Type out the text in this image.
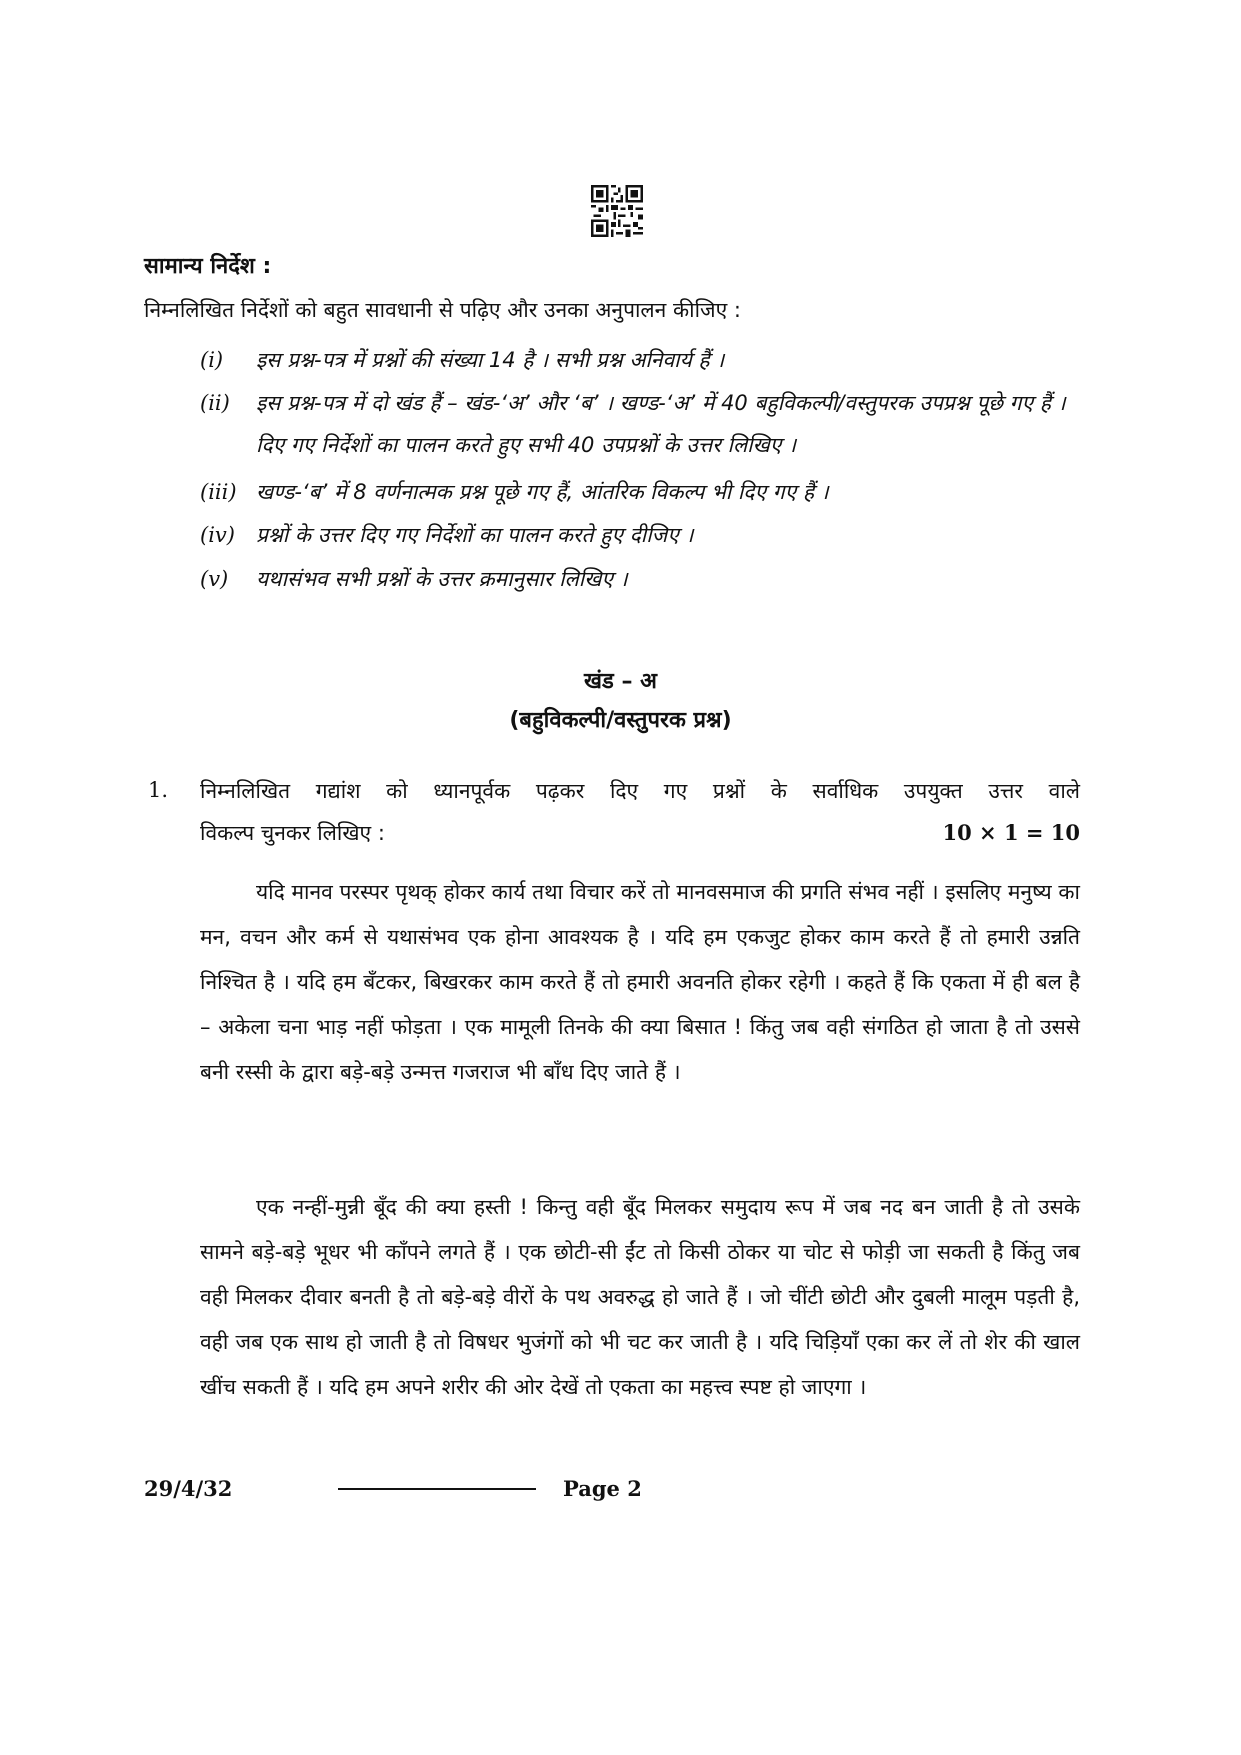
सामान्य निर्देश :
निम्नलिखित निर्देशों को बहुत सावधानी से पढ़िए और उनका अनुपालन कीजिए :
(i)	इस प्रश्न-पत्र में प्रश्नों की संख्या 14 है । सभी प्रश्न अनिवार्य हैं ।
(ii)	इस प्रश्न-पत्र में दो खंड हैं – खंड-‘अ’ और ‘ब’ । खण्ड-‘अ’ में 40 बहुविकल्पी/वस्तुपरक उपप्रश्न पूछे गए हैं । दिए गए निर्देशों का पालन करते हुए सभी 40 उपप्रश्नों के उत्तर लिखिए ।
(iii) खण्ड-‘ब’ में 8 वर्णनात्मक प्रश्न पूछे गए हैं, आंतरिक विकल्प भी दिए गए हैं ।
(iv)	प्रश्नों के उत्तर दिए गए निर्देशों का पालन करते हुए दीजिए ।
(v)	यथासंभव सभी प्रश्नों के उत्तर क्रमानुसार लिखिए ।
खंड – अ
(बहुविकल्पी/वस्तुपरक प्रश्न)
1. निम्नलिखित गद्यांश को ध्यानपूर्वक पढ़कर दिए गए प्रश्नों के सर्वाधिक उपयुक्त उत्तर वाले
विकल्प चुनकर लिखिए :	10 × 1 = 10

यदि मानव परस्पर पृथक् होकर कार्य तथा विचार करें तो मानवसमाज की प्रगति संभव नहीं । इसलिए मनुष्य का मन, वचन और कर्म से यथासंभव एक होना आवश्यक है । यदि हम एकजुट होकर काम करते हैं तो हमारी उन्नति निश्चित है । यदि हम बँटकर, बिखरकर काम करते हैं तो हमारी अवनति होकर रहेगी । कहते हैं कि एकता में ही बल है – अकेला चना भाड़ नहीं फोड़ता । एक मामूली तिनके की क्या बिसात ! किंतु जब वही संगठित हो जाता है तो उससे बनी रस्सी के द्वारा बड़े-बड़े उन्मत्त गजराज भी बाँध दिए जाते हैं ।

एक नन्हीं-मुन्नी बूँद की क्या हस्ती ! किन्तु वही बूँद मिलकर समुदाय रूप में जब नद बन जाती है तो उसके सामने बड़े-बड़े भूधर भी काँपने लगते हैं । एक छोटी-सी ईंट तो किसी ठोकर या चोट से फोड़ी जा सकती है किंतु जब वही मिलकर दीवार बनती है तो बड़े-बड़े वीरों के पथ अवरुद्ध हो जाते हैं । जो चींटी छोटी और दुबली मालूम पड़ती है, वही जब एक साथ हो जाती है तो विषधर भुजंगों को भी चट कर जाती है । यदि चिड़ियाँ एका कर लें तो शेर की खाल खींच सकती हैं । यदि हम अपने शरीर की ओर देखें तो एकता का महत्त्व स्पष्ट हो जाएगा ।

29/4/32	Page 2
